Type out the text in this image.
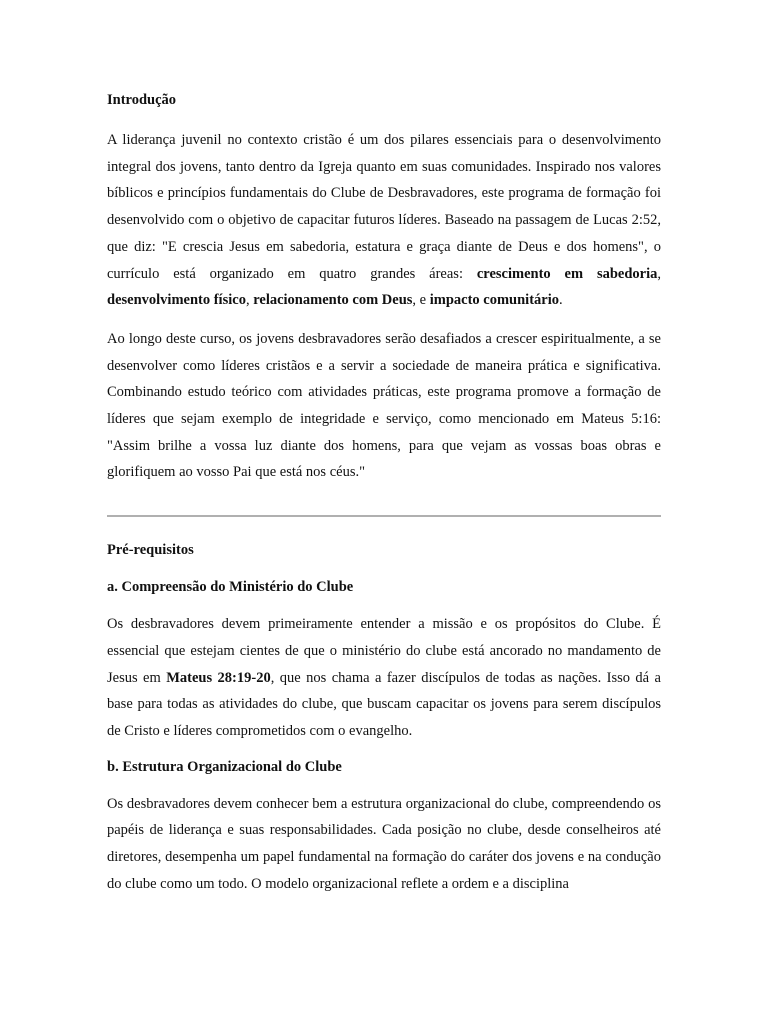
Introdução

A liderança juvenil no contexto cristão é um dos pilares essenciais para o desenvolvimento integral dos jovens, tanto dentro da Igreja quanto em suas comunidades. Inspirado nos valores bíblicos e princípios fundamentais do Clube de Desbravadores, este programa de formação foi desenvolvido com o objetivo de capacitar futuros líderes. Baseado na passagem de Lucas 2:52, que diz: "E crescia Jesus em sabedoria, estatura e graça diante de Deus e dos homens", o currículo está organizado em quatro grandes áreas: crescimento em sabedoria, desenvolvimento físico, relacionamento com Deus, e impacto comunitário.

Ao longo deste curso, os jovens desbravadores serão desafiados a crescer espiritualmente, a se desenvolver como líderes cristãos e a servir a sociedade de maneira prática e significativa. Combinando estudo teórico com atividades práticas, este programa promove a formação de líderes que sejam exemplo de integridade e serviço, como mencionado em Mateus 5:16: "Assim brilhe a vossa luz diante dos homens, para que vejam as vossas boas obras e glorifiquem ao vosso Pai que está nos céus."

Pré-requisitos
a. Compreensão do Ministério do Clube

Os desbravadores devem primeiramente entender a missão e os propósitos do Clube. É essencial que estejam cientes de que o ministério do clube está ancorado no mandamento de Jesus em Mateus 28:19-20, que nos chama a fazer discípulos de todas as nações. Isso dá a base para todas as atividades do clube, que buscam capacitar os jovens para serem discípulos de Cristo e líderes comprometidos com o evangelho.

b. Estrutura Organizacional do Clube

Os desbravadores devem conhecer bem a estrutura organizacional do clube, compreendendo os papéis de liderança e suas responsabilidades. Cada posição no clube, desde conselheiros até diretores, desempenha um papel fundamental na formação do caráter dos jovens e na condução do clube como um todo. O modelo organizacional reflete a ordem e a disciplina
